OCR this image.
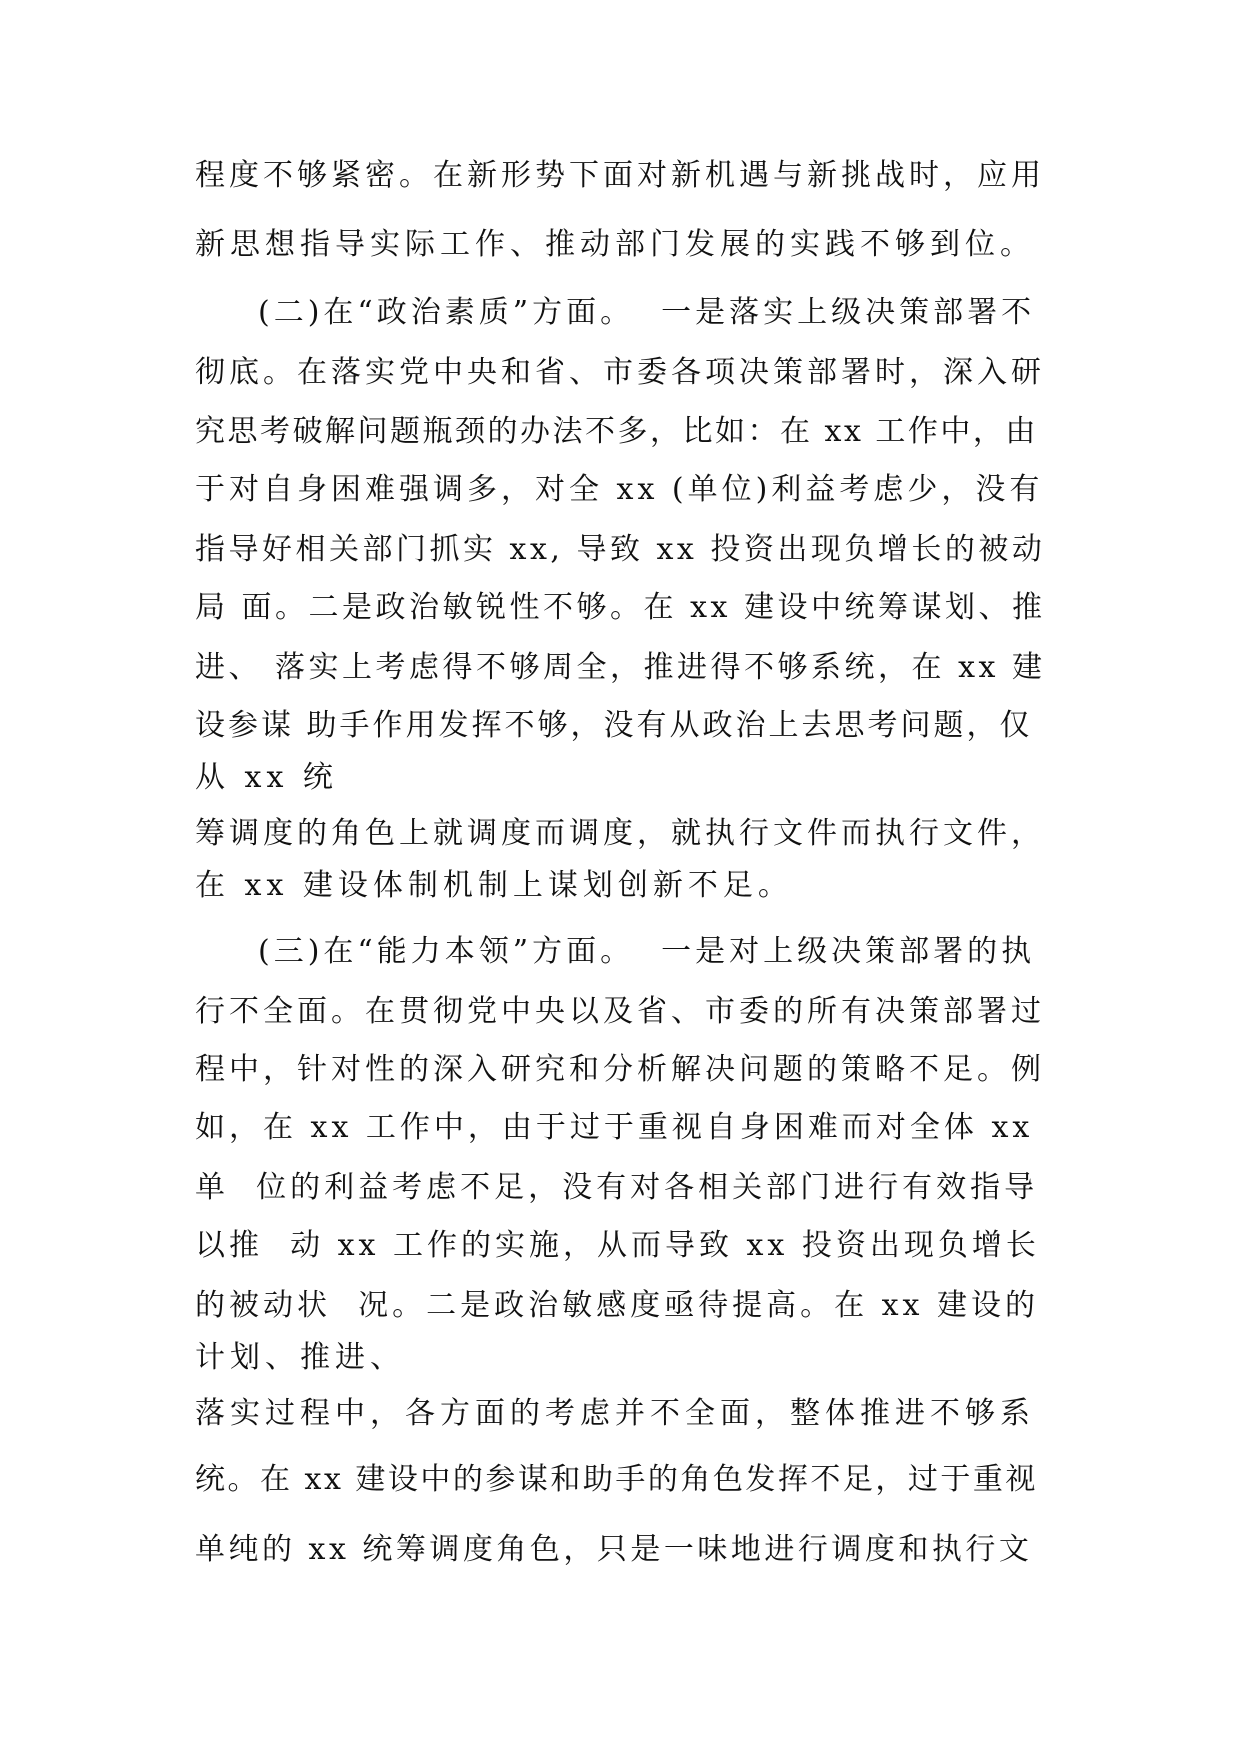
程度不够紧密。在新形势下面对新机遇与新挑战时，应用
新思想指导实际工作、推动部门发展的实践不够到位。
(二)在“政治素质”方面。  一是落实上级决策部署不
彻底。在落实党中央和省、市委各项决策部署时，深入研
究思考破解问题瓶颈的办法不多，比如：在 xx 工作中，由
于对自身困难强调多，对全 xx (单位)利益考虑少，没有
指导好相关部门抓实 xx, 导致 xx 投资出现负增长的被动
局 面。二是政治敏锐性不够。在 xx 建设中统筹谋划、推
进、 落实上考虑得不够周全，推进得不够系统，在 xx 建
设参谋 助手作用发挥不够，没有从政治上去思考问题，仅
从 xx 统
筹调度的角色上就调度而调度，就执行文件而执行文件，
在 xx 建设体制机制上谋划创新不足。
(三)在“能力本领”方面。  一是对上级决策部署的执
行不全面。在贯彻党中央以及省、市委的所有决策部署过
程中，针对性的深入研究和分析解决问题的策略不足。例
如，在 xx 工作中，由于过于重视自身困难而对全体 xx
单  位的利益考虑不足，没有对各相关部门进行有效指导
以推  动 xx 工作的实施，从而导致 xx 投资出现负增长
的被动状  况。二是政治敏感度亟待提高。在 xx 建设的
计划、推进、
落实过程中，各方面的考虑并不全面，整体推进不够系
统。在 xx 建设中的参谋和助手的角色发挥不足，过于重视
单纯的 xx 统筹调度角色，只是一味地进行调度和执行文
